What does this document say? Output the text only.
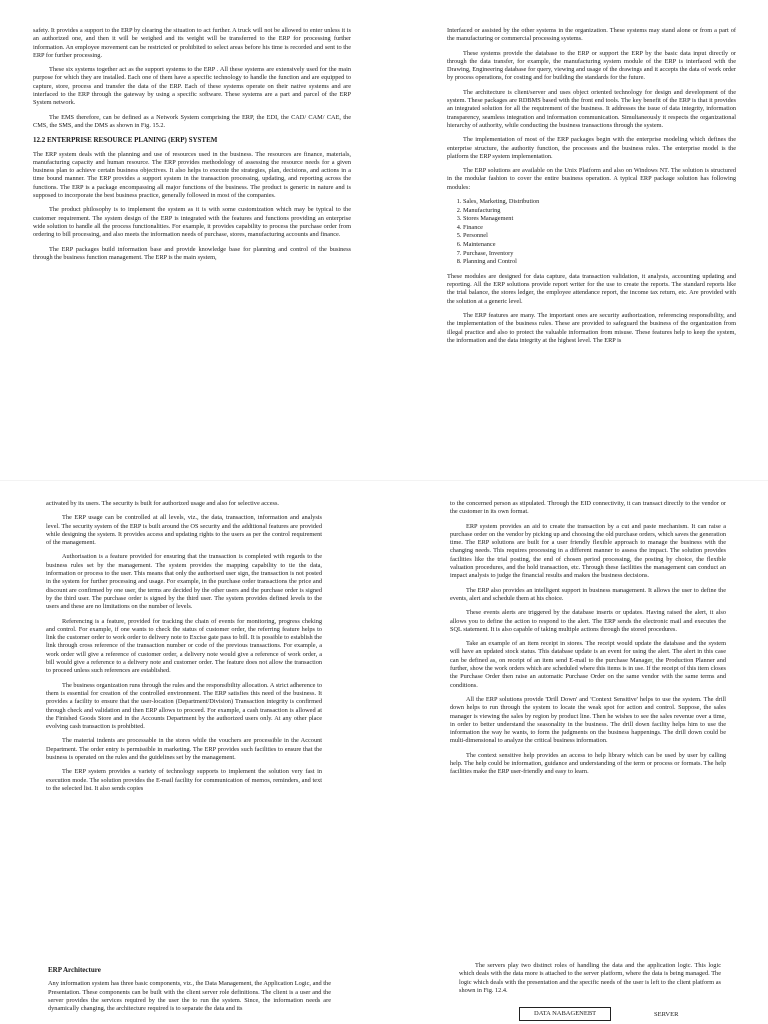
safety. It provides a support to the ERP by clearing the situation to act further. A truck will not be allowed to enter unless it is an authorized one, and then it will be weighed and its weight will be transferred to the ERP for processing further information. An employee movement can be restricted or prohibited to select areas before his time is recorded and sent to the ERP for further processing.

These six systems together act as the support systems to the ERP . All these systems are extensively used for the main purpose for which they are installed. Each one of them have a specific technology to handle the function and are equipped to capture, store, process and transfer the data of the ERP. Each of these systems operate on their native systems and are interfaced to the ERP through the gateway by using a specific software. These systems are a part and parcel of the ERP System network.

The EMS therefore, can be defined as a Network System comprising the ERP, the EDI, the CAD/ CAM/ CAE, the CMS, the SMS, and the DMS as shown in Fig. 15.2.

12.2 ENTERPRISE RESOURCE PLANING (ERP) SYSTEM

The ERP system deals with the planning and use of resources used in the business. The resources are finance, materials, manufacturing capacity and human resource. The ERP provides methodology of assessing the resource needs for a given business plan to achieve certain business objectives. It also helps to execute the strategies, plan, decisions, and actions in a time bound manner. The ERP provides a support system in the transaction processing, updating, and reporting across the functions. The ERP is a package encompassing all major functions of the business. The product is generic in nature and is supposed to incorporate the best business practice, generally followed in most of the companies.

The product philosophy is to implement the system as it is with some customization which may be typical to the customer requirement. The system design of the ERP is integrated with the features and functions providing an enterprise wide solution to handle all the process functionalities. For example, it provides capability to process the purchase order from ordering to bill processing, and also meets the information needs of purchase, stores, manufacturing accounts and finance.

The ERP packages build information base and provide knowledge base for planning and control of the business through the business function management. The ERP is the main system,

Interfaced or assisted by the other systems in the organization. These systems may stand alone or from a part of the manufacturing or commercial processing systems.

These systems provide the database to the ERP or support the ERP by the basic data input directly or through the data transfer, for example, the manufacturing system module of the ERP is interfaced with the Drawing, Engineering database for query, viewing and usage of the drawings and it accepts the data of work order by process operations, for costing and for building the standards for the future.

The architecture is client/server and uses object oriented technology for design and development of the system. These packages are RDBMS based with the front end tools. The key benefit of the ERP is that it provides an integrated solution for all the requirement of the business. It addresses the issue of data integrity, information transparency, seamless integration and information communication. Simultaneously it respects the organizational hierarchy of authority, while conducting the business transactions through the system.

The implementation of most of the ERP packages begin with the enterprise modeling which defines the enterprise structure, the authority function, the processes and the business rules. The enterprise model is the platform the ERP system implementation.

The ERP solutions are available on the Unix Platform and also on Windows NT. The solution is structured in the modular fashion to cover the entire business operation. A typical ERP package solution has following modules:

1. Sales, Marketing, Distribution
2. Manufacturing
3. Stores Management
4. Finance
5. Personnel
6. Maintenance
7. Purchase, Inventory
8. Planning and Control

These modules are designed for data capture, data transaction validation, it analysis, accounting updating and reporting. All the ERP solutions provide report writer for the use to create the reports. The standard reports like the trial balance, the stores ledger, the employee attendance report, the income tax return, etc. Are provided with the solution at a generic level.

The ERP features are many. The important ones are security authorization, referencing responsibility, and the implementation of the business rules. These are provided to safeguard the business of the organization from illegal practice and also to protect the valuable information from misuse. These features help to keep the system, the information and the data integrity at the highest level. The ERP is

activated by its users. The security is built for authorized usage and also for selective access.

The ERP usage can be controlled at all levels, viz., the data, transaction, information and analysis level. The security system of the ERP is built around the OS security and the additional features are provided while designing the system. It provides access and updating rights to the users as per the control requirement of the management.

Authorisation is a feature provided for ensuring that the transaction is completed with regards to the business rules set by the management. The system provides the mapping capability to tie the data, information or process to the user. This means that only the authorised user sign, the transaction is not posted in the system for further processing and usage. For example, in the purchase order transactions the price and discount are confirmed by one user, the terms are decided by the other users and the purchase order is signed by the third user. The purchase order is signed by the third user. The system provides defined levels to the users and these are no limitations on the number of levels.

Referencing is a feature, provided for tracking the chain of events for monitoring, progress cheking and control. For example, if one wants to check the status of customer order, the referring feature helps to link the customer order to work order to delivery note to Excise gate pass to bill. It is possible to establish the link through cross reference of the transaction number or code of the previous transactions. For example, a work order will give a reference of customer order, a delivery note would give a reference of work order, a bill would give a reference to a delivery note and customer order. The feature does not allow the transaction to proceed unless such references are established.

The business organization runs through the rules and the responsibility allocation. A strict adherence to them is essential for creation of the controlled environment. The ERP satisfies this need of the business. It provides a facility to ensure that the user-location (Department/Division) Transaction integrity is confirmed through check and validation and then ERP allows to proceed. For example, a cash transaction is allowed at the Finished Goods Store and in the Accounts Department by the authorized users only. At any other place evolving cash transaction is prohibited.

The material indents are processable in the stores while the vouchers are processible in the Account Department. The order entry is permissible in marketing. The ERP provides such facilities to ensure that the business is operated on the rules and the guidelines set by the management.

The ERP system provides a variety of technology supports to implement the solution very fast in execution mode. The solution provides the E-mail facility for communication of memos, reminders, and text to the selected list. It also sends copies

to the concerned person as stipulated. Through the EID connectivity, it can transact directly to the vendor or the customer in its own format.

ERP system provides an aid to create the transaction by a cut and paste mechanism. It can raise a purchase order on the vendor by picking up and choosing the old purchase orders, which saves the generation time. The ERP solutions are built for a user friendly flexible approach to manage the business with the changing needs. This requires processing in a different manner to assess the impact. The solution provides facilities like the trial posting, the end of chosen period processing, the posting by choice, the flexible valuation procedures, and the hold transaction, etc. Through these facilities the management can conduct an impact analysis to judge the financial results and makes the business decisions.

The ERP also provides an intelligent support in business management. It allows the user to define the events, alert and schedule them at his choice.

These events alerts are triggered by the database inserts or updates. Having raised the alert, it also allows you to define the action to respond to the alert. The ERP sends the electronic mail and executes the SQL statement. It is also capable of taking multiple actions through the stored procedures.

Take an example of an item receipt in stores. The receipt would update the database and the system will have an updated stock status. This database update is an event for using the alert. The alert in this case can be defined as, on receipt of an item send E-mail to the purchase Manager, the Production Planner and further, show the work orders which are scheduled where this items is in use. If the receipt of this item closes the Purchase Order then raise an automatic Purchase Order on the same vendor with the same terms and conditions.

All the ERP solutions provide 'Drill Down' and 'Context Sensitive' helps to use the system. The drill down helps to run through the system to locate the weak spot for action and control. Suppose, the sales manager is viewing the sales by region by product line. Then he wishes to see the sales revenue over a time, in order to better understand the seasonality in the business. The drill down facility helps him to use the information the way he wants, to form the judgments on the business happenings. The drill down could be multi-dimensional to analyze the critical business information.

The context sensitive help provides an access to help library which can be used by user by calling help. The help could be information, guidance and understanding of the term or process or formats. The help facilities make the ERP user-friendly and easy to learn.

ERP Architecture

Any information system has three basic components, viz., the Data Management, the Application Logic, and the Presentation. These components can be built with the client server role definitions. The client is a user and the server provides the services required by the user the to run the system. Since, the information needs are dynamically changing, the architecture required is to separate the data and its

The servers play two distinct roles of handling the data and the application logic. This logic which deals with the data more is attached to the server platform, where the data is being managed. The logic which deals with the presentation and the specific needs of the user is left to the client platform as shown in Fig. 12.4.

DATA NABAGENEBT	SERVER
